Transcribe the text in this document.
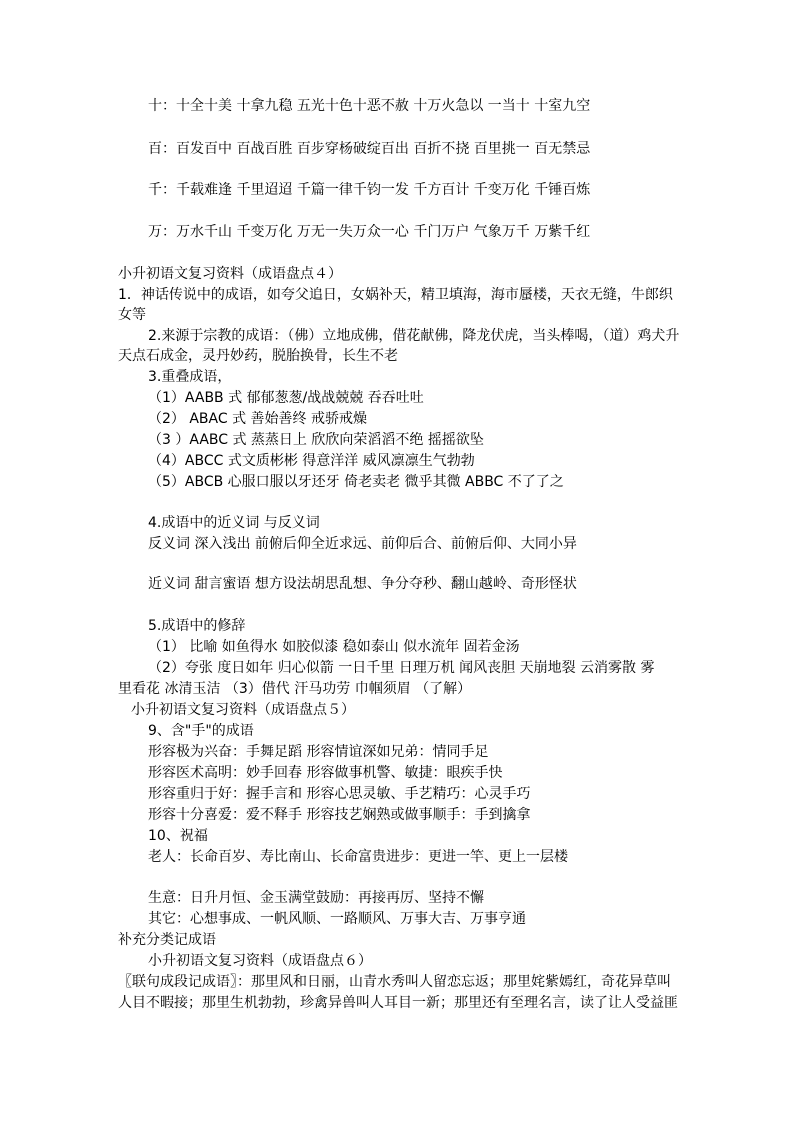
十：十全十美 十拿九稳 五光十色十恶不赦 十万火急以 一当十 十室九空

百：百发百中 百战百胜 百步穿杨破绽百出 百折不挠 百里挑一 百无禁忌

千：千载难逢 千里迢迢 千篇一律千钧一发 千方百计 千变万化 千锤百炼

万：万水千山 千变万化 万无一失万众一心 千门万户 气象万千 万紫千红

小升初语文复习资料（成语盘点４）

1．神话传说中的成语，如夸父追日，女娲补天，精卫填海，海市蜃楼，天衣无缝，牛郎织

女等

2.来源于宗教的成语：（佛）立地成佛，借花献佛，降龙伏虎，当头棒喝，（道）鸡犬升

天点石成金，灵丹妙药，脱胎换骨，长生不老

3.重叠成语，

（1）AABB 式 郁郁葱葱/战战兢兢 吞吞吐吐

（2） ABAC 式 善始善终 戒骄戒燥

（3 ）AABC 式 蒸蒸日上 欣欣向荣滔滔不绝 摇摇欲坠

（4）ABCC 式文质彬彬 得意洋洋 威风凛凛生气勃勃

（5）ABCB 心服口服以牙还牙 倚老卖老 微乎其微 ABBC 不了了之

4.成语中的近义词 与反义词

反义词 深入浅出 前俯后仰全近求远、前仰后合、前俯后仰、大同小异

近义词 甜言蜜语 想方设法胡思乱想、争分夺秒、翻山越岭、奇形怪状

5.成语中的修辞

（1） 比喻 如鱼得水 如胶似漆 稳如泰山 似水流年 固若金汤

（2）夸张 度日如年 归心似箭 一日千里 日理万机 闻风丧胆 天崩地裂 云消雾散 雾

里看花 冰清玉洁 （3）借代 汗马功劳 巾帼须眉 （了解）

小升初语文复习资料（成语盘点５）

9、含"手"的成语

形容极为兴奋：手舞足蹈 形容情谊深如兄弟：情同手足

形容医术高明：妙手回春 形容做事机警、敏捷：眼疾手快

形容重归于好：握手言和 形容心思灵敏、手艺精巧：心灵手巧

形容十分喜爱：爱不释手 形容技艺娴熟或做事顺手：手到擒拿

10、祝福

老人：长命百岁、寿比南山、长命富贵进步：更进一竿、更上一层楼

生意：日升月恒、金玉满堂鼓励：再接再厉、坚持不懈

其它：心想事成、一帆风顺、一路顺风、万事大吉、万事亨通

补充分类记成语

小升初语文复习资料（成语盘点６）

〖联句成段记成语〗：那里风和日丽，山青水秀叫人留恋忘返；那里姹紫嫣红，奇花异草叫

人目不暇接；那里生机勃勃，珍禽异兽叫人耳目一新；那里还有至理名言，读了让人受益匪
